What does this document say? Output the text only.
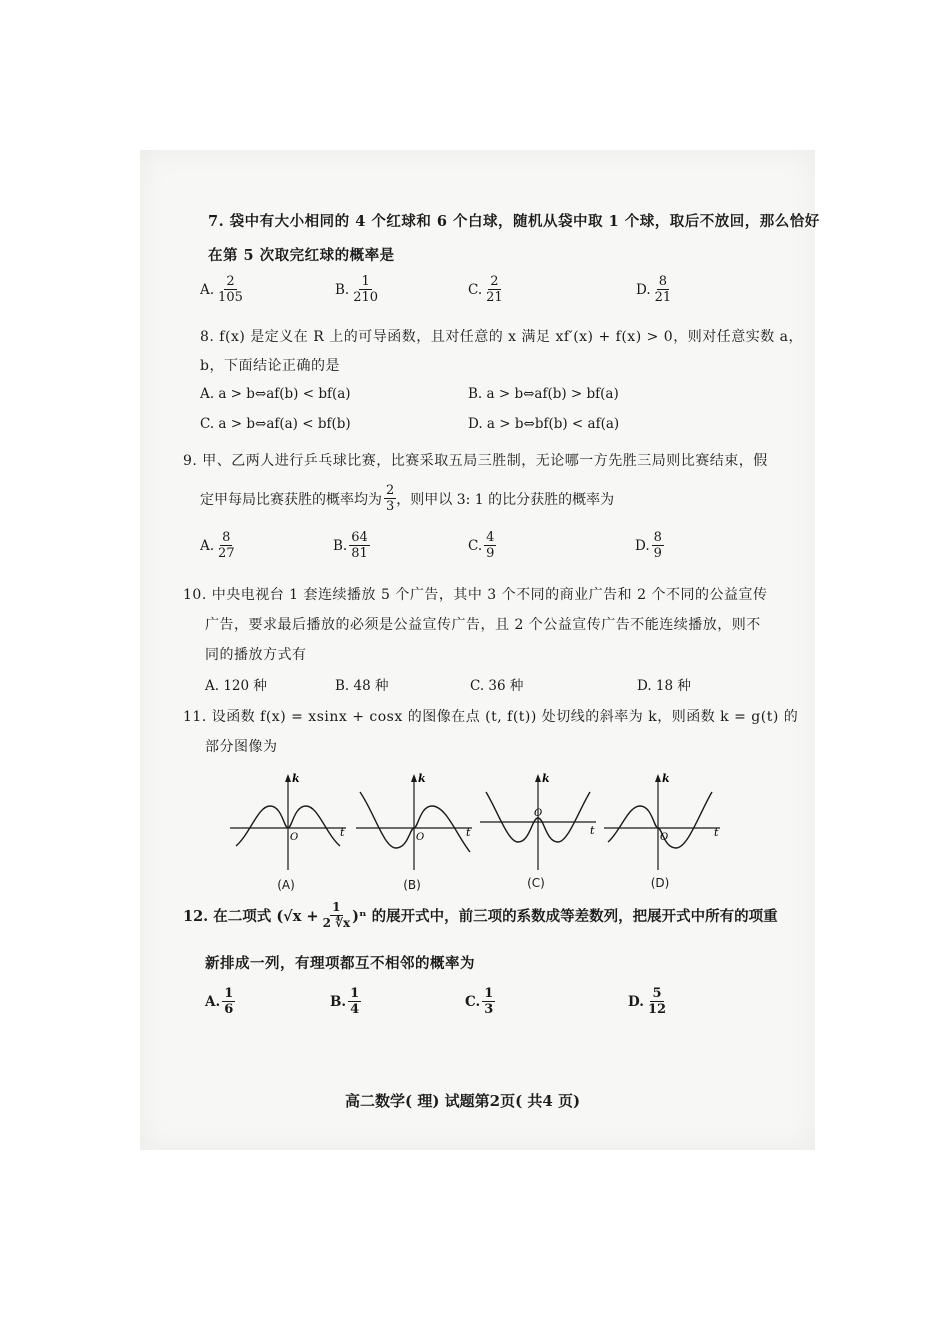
7. 袋中有大小相同的 4 个红球和 6 个白球，随机从袋中取 1 个球，取后不放回，那么恰好
在第 5 次取完红球的概率是
A. $\frac{2}{105}$	B. $\frac{1}{210}$	C. $\frac{2}{21}$	D. $\frac{8}{21}$
8. f(x) 是定义在 R 上的可导函数，且对任意的 x 满足 xf′(x) + f(x) > 0，则对任意实数 a，
b，下面结论正确的是
A. a > b⇔af(b) < bf(a)	B. a > b⇔af(b) > bf(a)
C. a > b⇔af(a) < bf(b)	D. a > b⇔bf(b) < af(a)
9. 甲、乙两人进行乒乓球比赛，比赛采取五局三胜制，无论哪一方先胜三局则比赛结束，假
定甲每局比赛获胜的概率均为 $\frac{2}{3}$ ，则甲以 3: 1 的比分获胜的概率为
A. $\frac{8}{27}$	B. $\frac{64}{81}$	C. $\frac{4}{9}$	D. $\frac{8}{9}$
10. 中央电视台 1 套连续播放 5 个广告，其中 3 个不同的商业广告和 2 个不同的公益宣传
广告，要求最后播放的必须是公益宣传广告，且 2 个公益宣传广告不能连续播放，则不
同的播放方式有
A. 120 种	B. 48 种	C. 36 种	D. 18 种
11. 设函数 f(x) = xsinx + cosx 的图像在点 (t, f(t)) 处切线的斜率为 k，则函数 k = g(t) 的
部分图像为
k
t
O
(A)
k
t
O
(B)
k
t
O
(C)
k
t
O
(D)
12. 在二项式 $(√x + \frac{1}{2 ∜x} )^n$ 的展开式中，前三项的系数成等差数列，把展开式中所有的项重
新排成一列，有理项都互不相邻的概率为
A. $\frac{1}{6}$	B. $\frac{1}{4}$	C. $\frac{1}{3}$	D. $\frac{5}{12}$
高二数学( 理) 试题第2页( 共4 页)
